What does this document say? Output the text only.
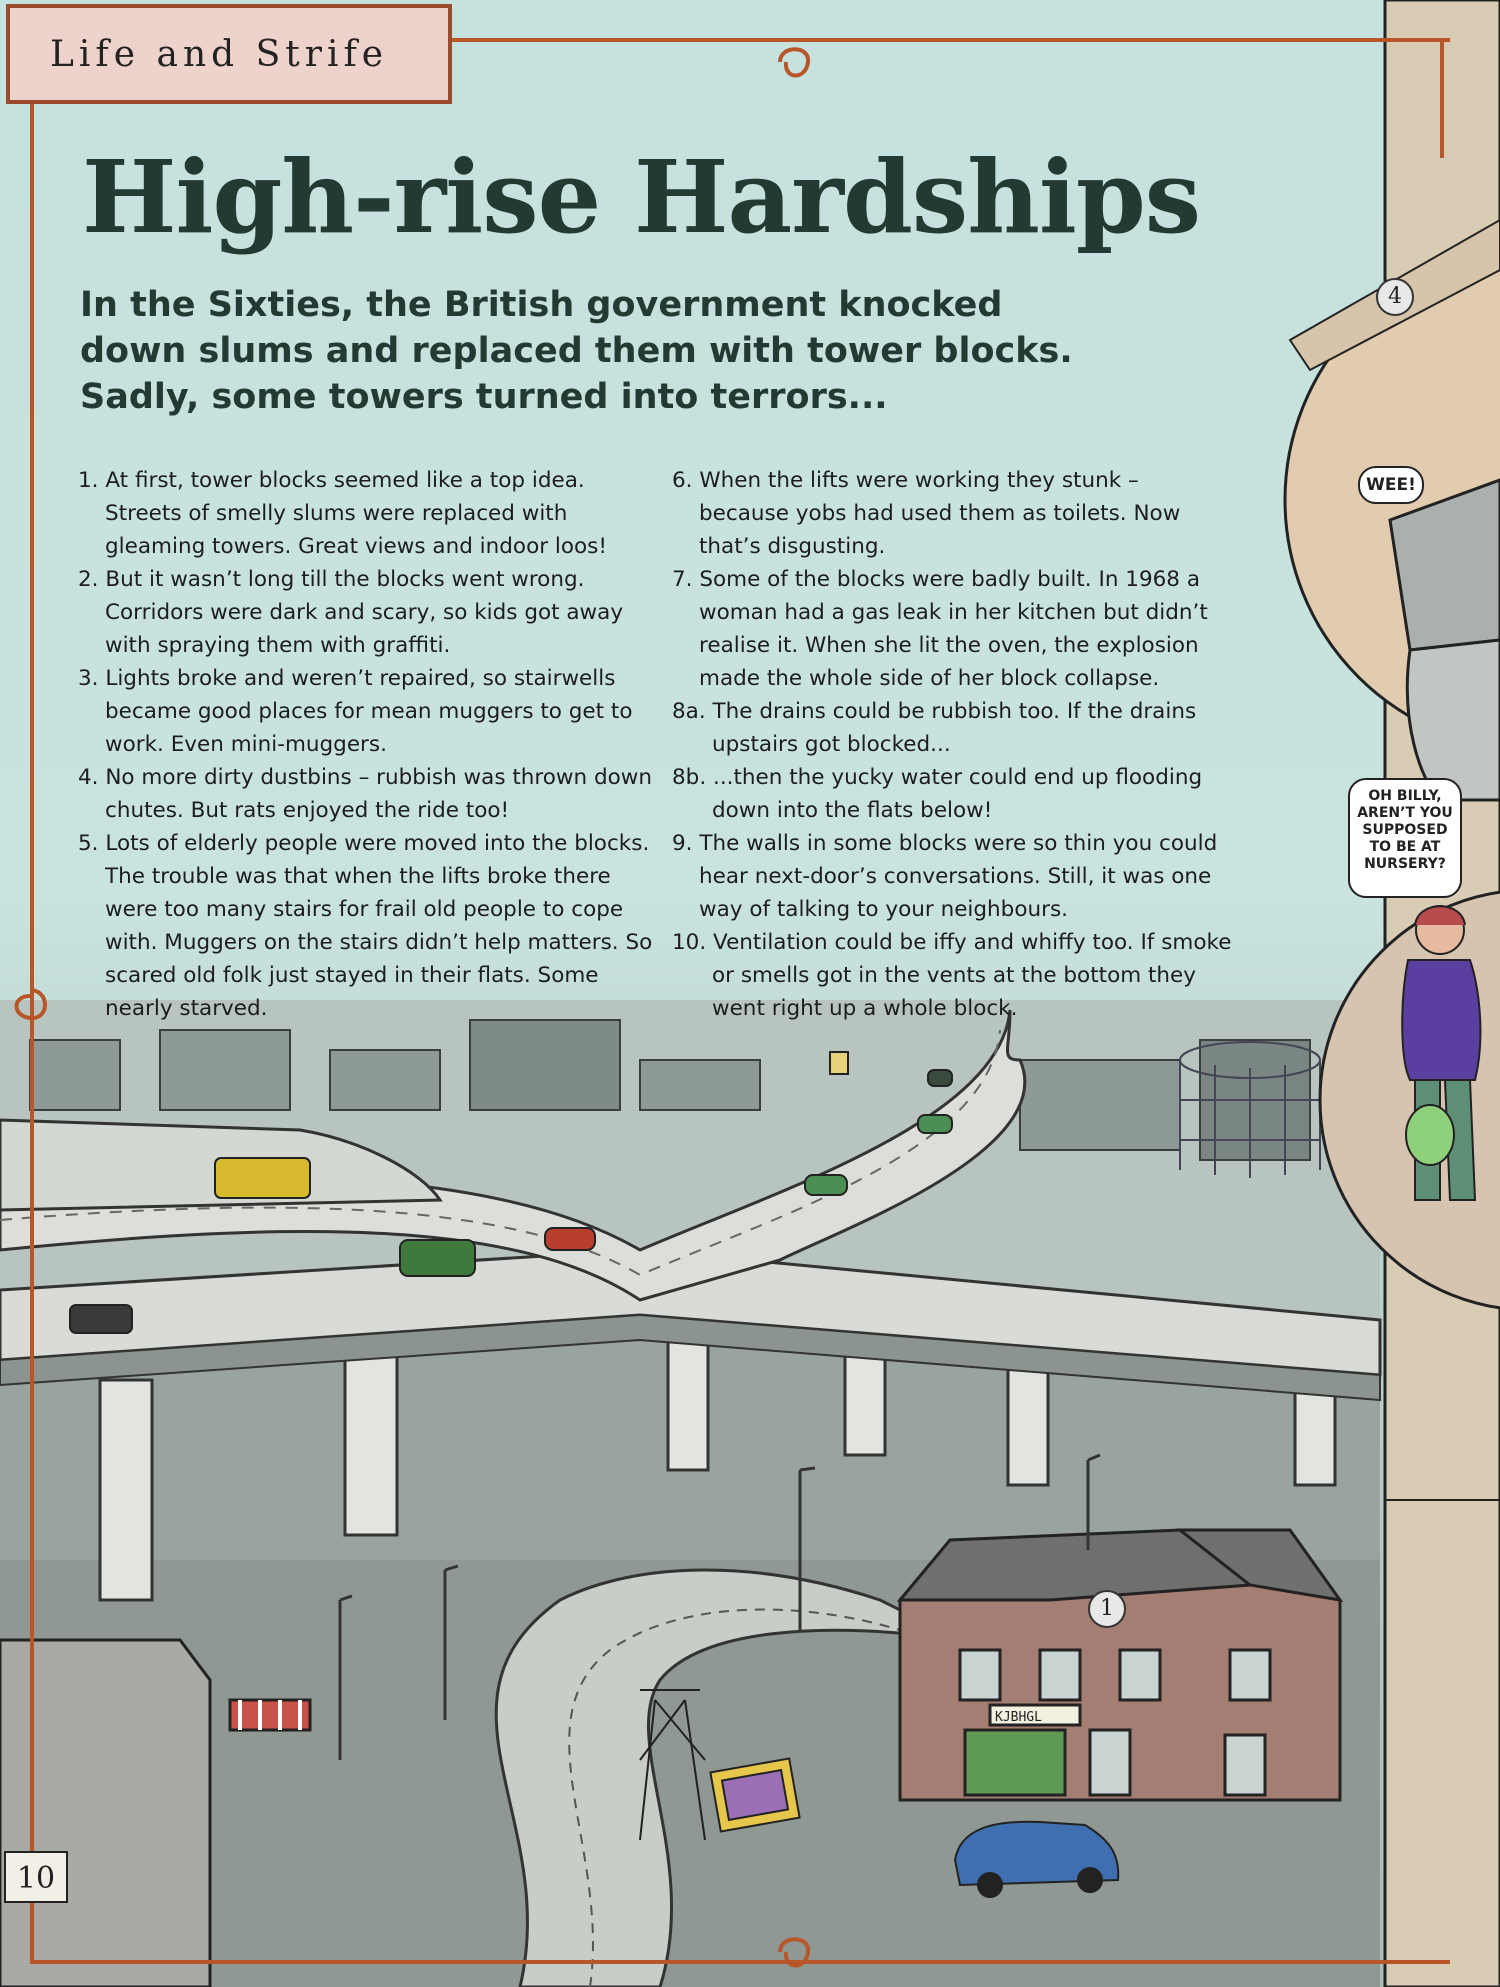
KJBHGL
Life and Strife
High-rise Hardships

In the Sixties, the British government knocked down slums and replaced them with tower blocks. Sadly, some towers turned into terrors...

1. At first, tower blocks seemed like a top idea. Streets of smelly slums were replaced with gleaming towers. Great views and indoor loos!
2. But it wasn’t long till the blocks went wrong. Corridors were dark and scary, so kids got away with spraying them with graffiti.
3. Lights broke and weren’t repaired, so stairwells became good places for mean muggers to get to work. Even mini-muggers.
4. No more dirty dustbins – rubbish was thrown down chutes. But rats enjoyed the ride too!
5. Lots of elderly people were moved into the blocks. The trouble was that when the lifts broke there were too many stairs for frail old people to cope with. Muggers on the stairs didn’t help matters. So scared old folk just stayed in their flats. Some nearly starved.
6. When the lifts were working they stunk – because yobs had used them as toilets. Now that’s disgusting.
7. Some of the blocks were badly built. In 1968 a woman had a gas leak in her kitchen but didn’t realise it. When she lit the oven, the explosion made the whole side of her block collapse.
8a. The drains could be rubbish too. If the drains upstairs got blocked...
8b. ...then the yucky water could end up flooding down into the flats below!
9. The walls in some blocks were so thin you could hear next-door’s conversations. Still, it was one way of talking to your neighbours.
10. Ventilation could be iffy and whiffy too. If smoke or smells got in the vents at the bottom they went right up a whole block.
WEE!
OH BILLY, AREN’T YOU SUPPOSED TO BE AT NURSERY?
1
4
10
